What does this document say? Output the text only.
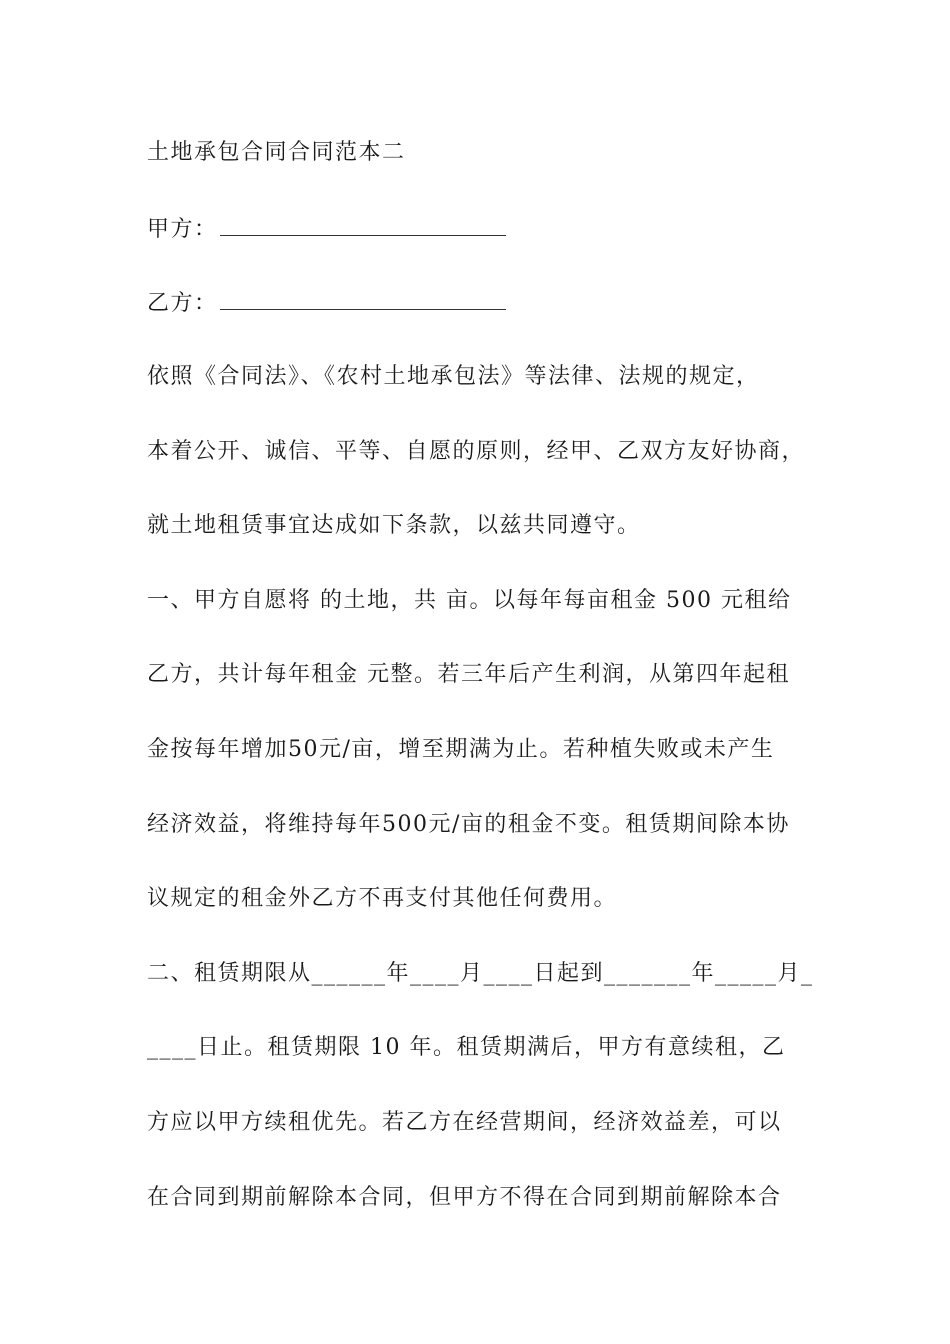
土地承包合同合同范本二
甲方：
乙方：
依照《合同法》、《农村土地承包法》等法律、法规的规定，
本着公开、诚信、平等、自愿的原则，经甲、乙双方友好协商，
就土地租赁事宜达成如下条款，以兹共同遵守。
一、甲方自愿将 的土地，共 亩。以每年每亩租金 500 元租给
乙方，共计每年租金 元整。若三年后产生利润，从第四年起租
金按每年增加50元/亩，增至期满为止。若种植失败或未产生
经济效益，将维持每年500元/亩的租金不变。租赁期间除本协
议规定的租金外乙方不再支付其他任何费用。
二、租赁期限从______年____月____日起到_______年_____月_
____日止。租赁期限 10 年。租赁期满后，甲方有意续租，乙
方应以甲方续租优先。若乙方在经营期间，经济效益差，可以
在合同到期前解除本合同，但甲方不得在合同到期前解除本合
